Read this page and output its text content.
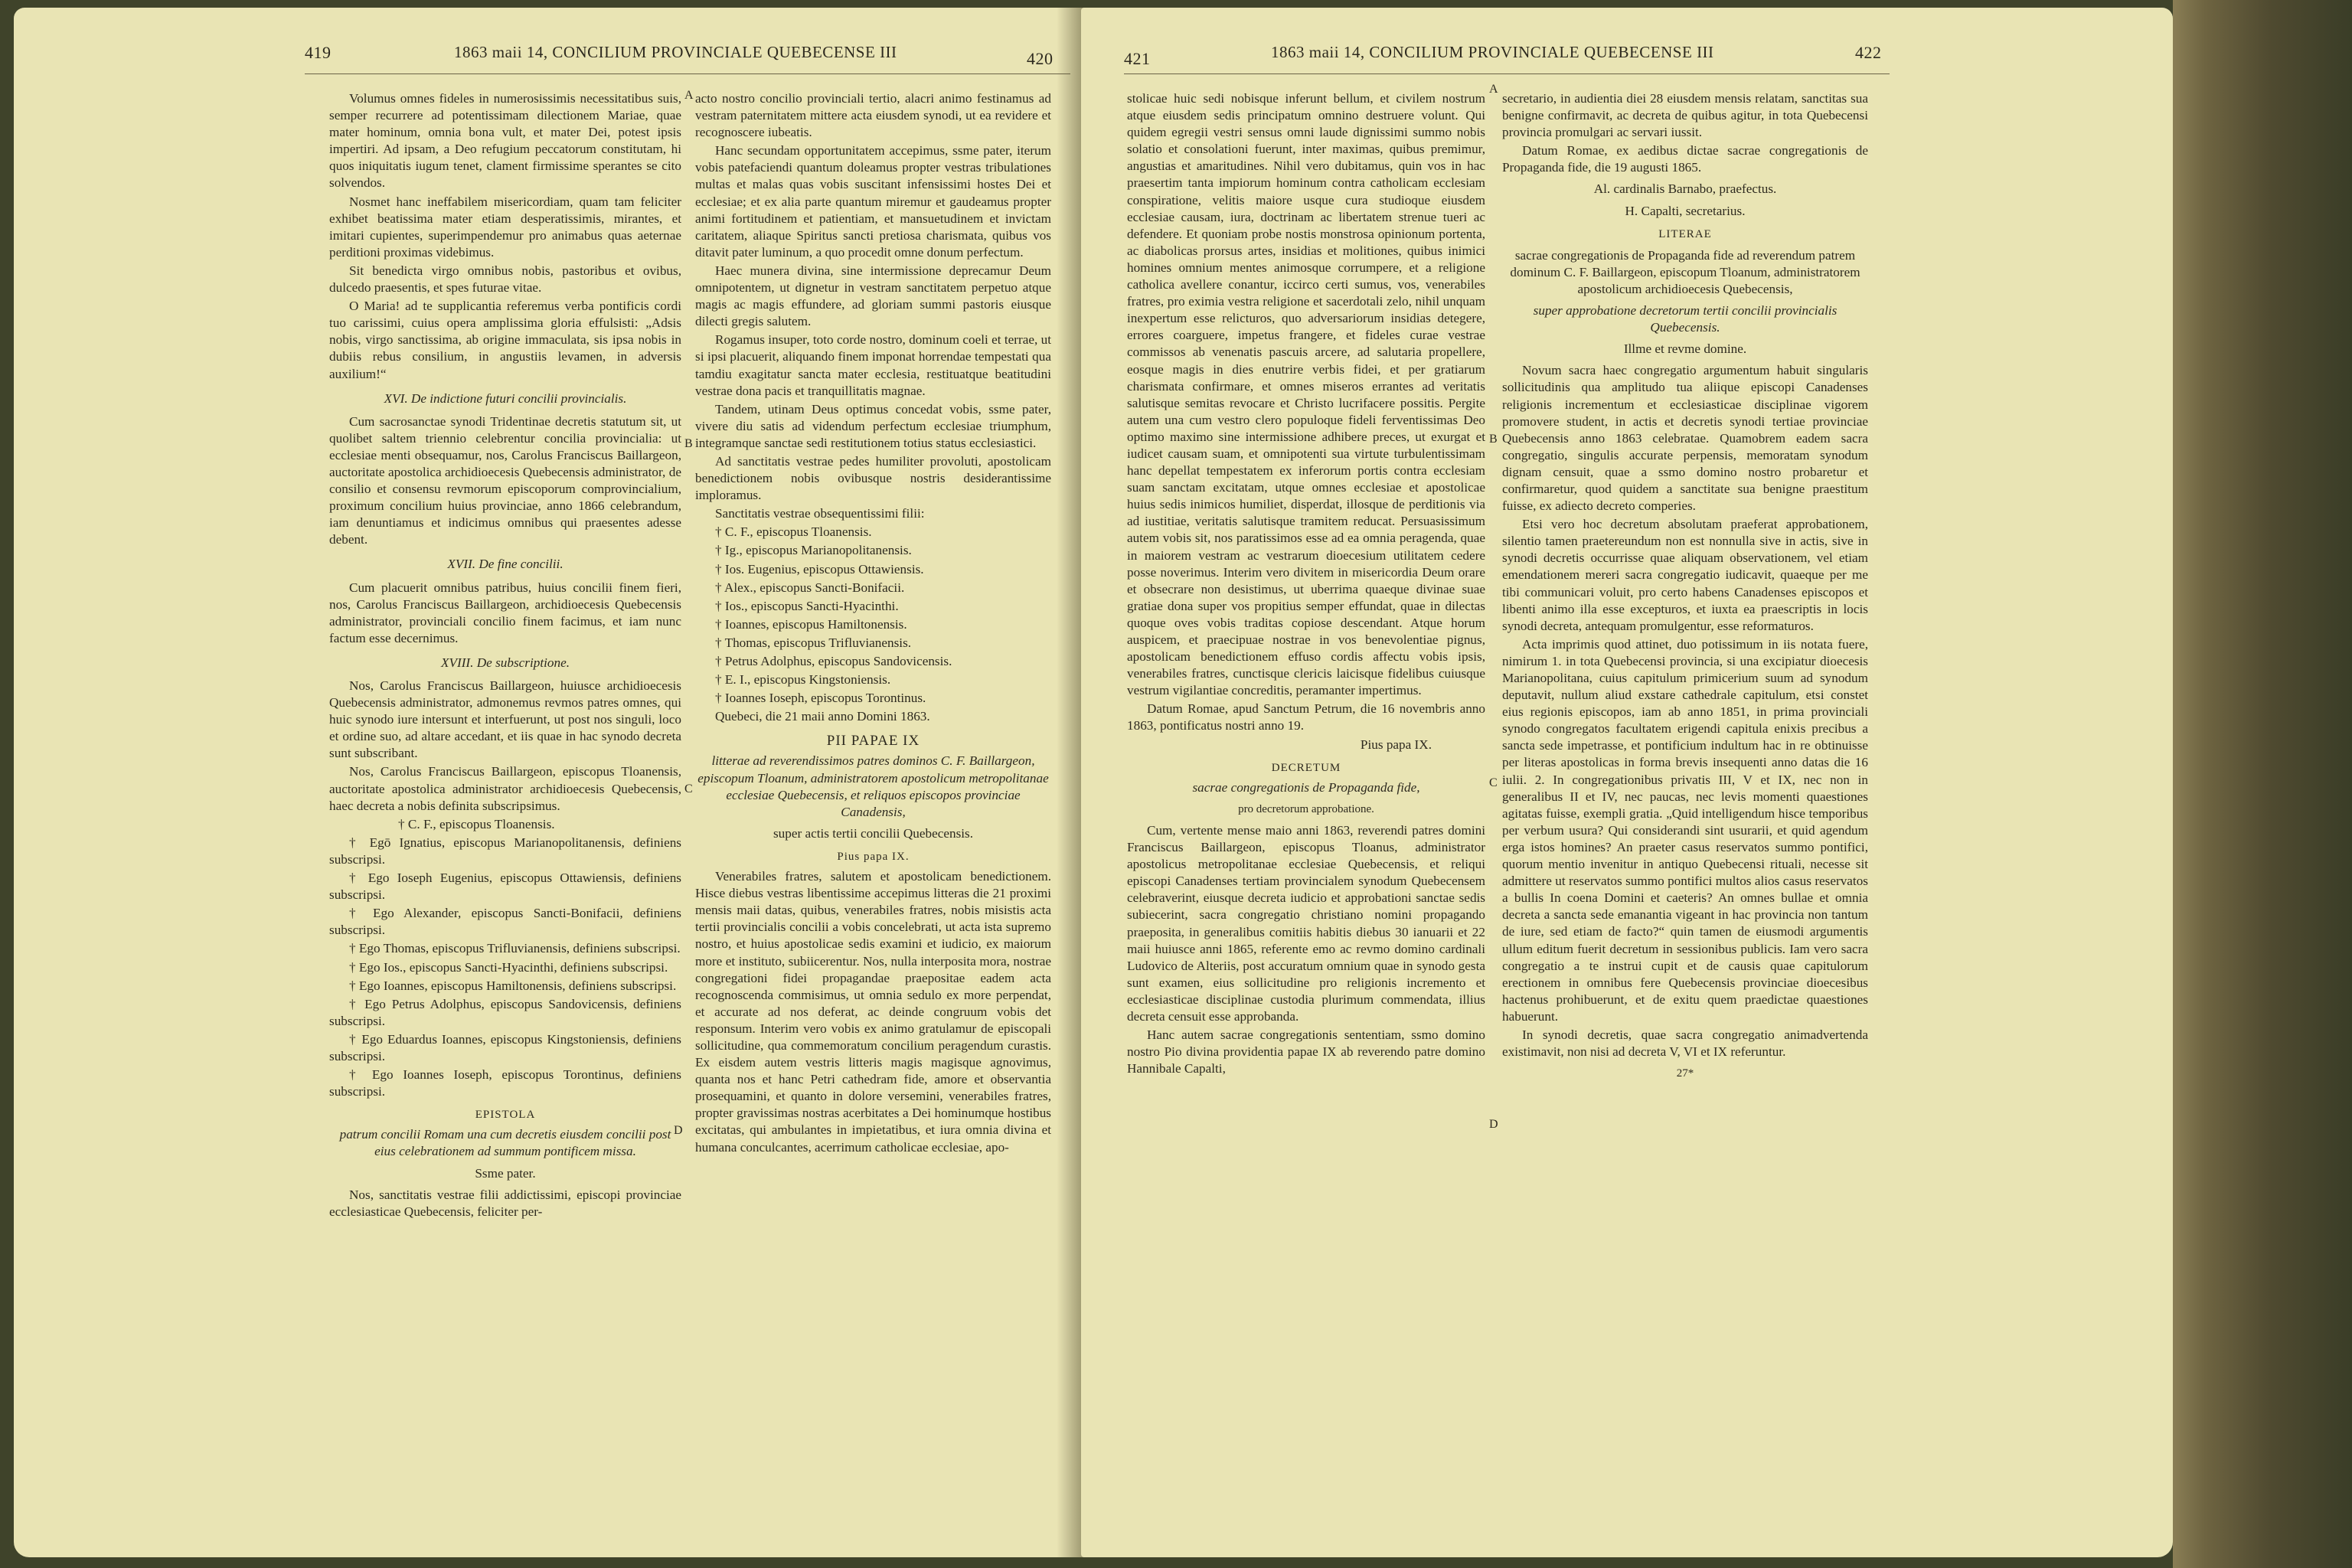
419	1863 maii 14, CONCILIUM PROVINCIALE QUEBECENSE III	420

Volumus omnes fideles in numerosissimis necessitatibus suis, semper recurrere ad potentissimam dilectionem Mariae, quae mater hominum, omnia bona vult, et mater Dei, potest ipsis impertiri. Ad ipsam, a Deo refugium peccatorum constitutam, hi quos iniquitatis iugum tenet, clament firmissime sperantes se cito solvendos.

Nosmet hanc ineffabilem misericordiam, quam tam feliciter exhibet beatissima mater etiam desperatissimis, mirantes, et imitari cupientes, superimpendemur pro animabus quas aeternae perditioni proximas videbimus.

Sit benedicta virgo omnibus nobis, pastoribus et ovibus, dulcedo praesentis, et spes futurae vitae.

O Maria! ad te supplicantia referemus verba pontificis cordi tuo carissimi, cuius opera amplissima gloria effulsisti: „Adsis nobis, virgo sanctissima, ab origine immaculata, sis ipsa nobis in dubiis rebus consilium, in angustiis levamen, in adversis auxilium!“

XVI. De indictione futuri concilii provincialis.

Cum sacrosanctae synodi Tridentinae decretis statutum sit, ut quolibet saltem triennio celebrentur concilia provincialia: ut ecclesiae menti obsequamur, nos, Carolus Franciscus Baillargeon, auctoritate apostolica archidioecesis Quebecensis administrator, de consilio et consensu revmorum episcoporum comprovincialium, proximum concilium huius provinciae, anno 1866 celebrandum, iam denuntiamus et indicimus omnibus qui praesentes adesse debent.

XVII. De fine concilii.

Cum placuerit omnibus patribus, huius concilii finem fieri, nos, Carolus Franciscus Baillargeon, archidioecesis Quebecensis administrator, provinciali concilio finem facimus, et iam nunc factum esse decernimus.

XVIII. De subscriptione.

Nos, Carolus Franciscus Baillargeon, huiusce archidioecesis Quebecensis administrator, admonemus revmos patres omnes, qui huic synodo iure intersunt et interfuerunt, ut post nos singuli, loco et ordine suo, ad altare accedant, et iis quae in hac synodo decreta sunt subscribant.

Nos, Carolus Franciscus Baillargeon, episcopus Tloanensis, auctoritate apostolica administrator archidioecesis Quebecensis, haec decreta a nobis definita subscripsimus.

† C. F., episcopus Tloanensis.

† Egō Ignatius, episcopus Marianopolitanensis, definiens subscripsi.

† Ego Ioseph Eugenius, episcopus Ottawiensis, definiens subscripsi.

† Ego Alexander, episcopus Sancti-Bonifacii, definiens subscripsi.

† Ego Thomas, episcopus Trifluvianensis, definiens subscripsi.

† Ego Ios., episcopus Sancti-Hyacinthi, definiens subscripsi.

† Ego Ioannes, episcopus Hamiltonensis, definiens subscripsi.

† Ego Petrus Adolphus, episcopus Sandovicensis, definiens subscripsi.

† Ego Eduardus Ioannes, episcopus Kingstoniensis, definiens subscripsi.

† Ego Ioannes Ioseph, episcopus Torontinus, definiens subscripsi.

EPISTOLA

patrum concilii Romam una cum decretis eiusdem concilii post eius celebrationem ad summum pontificem missa.

Ssme pater.

Nos, sanctitatis vestrae filii addictissimi, episcopi provinciae ecclesiasticae Quebecensis, feliciter per-

A
B
C
D

acto nostro concilio provinciali tertio, alacri animo festinamus ad vestram paternitatem mittere acta eiusdem synodi, ut ea revidere et recognoscere iubeatis.

Hanc secundam opportunitatem accepimus, ssme pater, iterum vobis patefaciendi quantum doleamus propter vestras tribulationes multas et malas quas vobis suscitant infensissimi hostes Dei et ecclesiae; et ex alia parte quantum miremur et gaudeamus propter animi fortitudinem et patientiam, et mansuetudinem et invictam caritatem, aliaque Spiritus sancti pretiosa charismata, quibus vos ditavit pater luminum, a quo procedit omne donum perfectum.

Haec munera divina, sine intermissione deprecamur Deum omnipotentem, ut dignetur in vestram sanctitatem perpetuo atque magis ac magis effundere, ad gloriam summi pastoris eiusque dilecti gregis salutem.

Rogamus insuper, toto corde nostro, dominum coeli et terrae, ut si ipsi placuerit, aliquando finem imponat horrendae tempestati qua tamdiu exagitatur sancta mater ecclesia, restituatque beatitudini vestrae dona pacis et tranquillitatis magnae.

Tandem, utinam Deus optimus concedat vobis, ssme pater, vivere diu satis ad videndum perfectum ecclesiae triumphum, integramque sanctae sedi restitutionem totius status ecclesiastici.

Ad sanctitatis vestrae pedes humiliter provoluti, apostolicam benedictionem nobis ovibusque nostris desiderantissime imploramus.

Sanctitatis vestrae obsequentissimi filii:

† C. F., episcopus Tloanensis.

† Ig., episcopus Marianopolitanensis.

† Ios. Eugenius, episcopus Ottawiensis.

† Alex., episcopus Sancti-Bonifacii.

† Ios., episcopus Sancti-Hyacinthi.

† Ioannes, episcopus Hamiltonensis.

† Thomas, episcopus Trifluvianensis.

† Petrus Adolphus, episcopus Sandovicensis.

† E. I., episcopus Kingstoniensis.

† Ioannes Ioseph, episcopus Torontinus.

Quebeci, die 21 maii anno Domini 1863.

PII PAPAE IX

litterae ad reverendissimos patres dominos C. F. Baillargeon, episcopum Tloanum, administratorem apostolicum metropolitanae ecclesiae Quebecensis, et reliquos episcopos provinciae Canadensis,

super actis tertii concilii Quebecensis.

Pius papa IX.

Venerabiles fratres, salutem et apostolicam benedictionem. Hisce diebus vestras libentissime accepimus litteras die 21 proximi mensis maii datas, quibus, venerabiles fratres, nobis misistis acta tertii provincialis concilii a vobis concelebrati, ut acta ista supremo nostro, et huius apostolicae sedis examini et iudicio, ex maiorum more et instituto, subiicerentur. Nos, nulla interposita mora, nostrae congregationi fidei propagandae praepositae eadem acta recognoscenda commisimus, ut omnia sedulo ex more perpendat, et accurate ad nos deferat, ac deinde congruum vobis det responsum. Interim vero vobis ex animo gratulamur de episcopali sollicitudine, qua commemoratum concilium peragendum curastis. Ex eisdem autem vestris litteris magis magisque agnovimus, quanta nos et hanc Petri cathedram fide, amore et observantia prosequamini, et quanto in dolore versemini, venerabiles fratres, propter gravissimas nostras acerbitates a Dei hominumque hostibus excitatas, qui ambulantes in impietatibus, et iura omnia divina et humana conculcantes, acerrimum catholicae ecclesiae, apo-

421	1863 maii 14, CONCILIUM PROVINCIALE QUEBECENSE III	422

stolicae huic sedi nobisque inferunt bellum, et civilem nostrum atque eiusdem sedis principatum omnino destruere volunt. Qui quidem egregii vestri sensus omni laude dignissimi summo nobis solatio et consolationi fuerunt, inter maximas, quibus premimur, angustias et amaritudines. Nihil vero dubitamus, quin vos in hac praesertim tanta impiorum hominum contra catholicam ecclesiam conspiratione, velitis maiore usque cura studioque eiusdem ecclesiae causam, iura, doctrinam ac libertatem strenue tueri ac defendere. Et quoniam probe nostis monstrosa opinionum portenta, ac diabolicas prorsus artes, insidias et molitiones, quibus inimici homines omnium mentes animosque corrumpere, et a religione catholica avellere conantur, iccirco certi sumus, vos, venerabiles fratres, pro eximia vestra religione et sacerdotali zelo, nihil unquam inexpertum esse relicturos, quo adversariorum insidias detegere, errores coarguere, impetus frangere, et fideles curae vestrae commissos ab venenatis pascuis arcere, ad salutaria propellere, eosque magis in dies enutrire verbis fidei, et per gratiarum charismata confirmare, et omnes miseros errantes ad veritatis salutisque semitas revocare et Christo lucrifacere possitis. Pergite autem una cum vestro clero populoque fideli ferventissimas Deo optimo maximo sine intermissione adhibere preces, ut exurgat et iudicet causam suam, et omnipotenti sua virtute turbulentissimam hanc depellat tempestatem ex inferorum portis contra ecclesiam suam sanctam excitatam, utque omnes ecclesiae et apostolicae huius sedis inimicos humiliet, disperdat, illosque de perditionis via ad iustitiae, veritatis salutisque tramitem reducat. Persuasissimum autem vobis sit, nos paratissimos esse ad ea omnia peragenda, quae in maiorem vestram ac vestrarum dioecesium utilitatem cedere posse noverimus. Interim vero divitem in misericordia Deum orare et obsecrare non desistimus, ut uberrima quaeque divinae suae gratiae dona super vos propitius semper effundat, quae in dilectas quoque oves vobis traditas copiose descendant. Atque horum auspicem, et praecipuae nostrae in vos benevolentiae pignus, apostolicam benedictionem effuso cordis affectu vobis ipsis, venerabiles fratres, cunctisque clericis laicisque fidelibus cuiusque vestrum vigilantiae concreditis, peramanter impertimus.

Datum Romae, apud Sanctum Petrum, die 16 novembris anno 1863, pontificatus nostri anno 19.

Pius papa IX.

DECRETUM

sacrae congregationis de Propaganda fide,

pro decretorum approbatione.

Cum, vertente mense maio anni 1863, reverendi patres domini Franciscus Baillargeon, episcopus Tloanus, administrator apostolicus metropolitanae ecclesiae Quebecensis, et reliqui episcopi Canadenses tertiam provincialem synodum Quebecensem celebraverint, eiusque decreta iudicio et approbationi sanctae sedis subiecerint, sacra congregatio christiano nomini propagando praeposita, in generalibus comitiis habitis diebus 30 ianuarii et 22 maii huiusce anni 1865, referente emo ac revmo domino cardinali Ludovico de Alteriis, post accuratum omnium quae in synodo gesta sunt examen, eius sollicitudine pro religionis incremento et ecclesiasticae disciplinae custodia plurimum commendata, illius decreta censuit esse approbanda.

Hanc autem sacrae congregationis sententiam, ssmo domino nostro Pio divina providentia papae IX ab reverendo patre domino Hannibale Capalti,

A
B
C
D

secretario, in audientia diei 28 eiusdem mensis relatam, sanctitas sua benigne confirmavit, ac decreta de quibus agitur, in tota Quebecensi provincia promulgari ac servari iussit.

Datum Romae, ex aedibus dictae sacrae congregationis de Propaganda fide, die 19 augusti 1865.

Al. cardinalis Barnabo, praefectus.

H. Capalti, secretarius.

LITERAE

sacrae congregationis de Propaganda fide ad reverendum patrem dominum C. F. Baillargeon, episcopum Tloanum, administratorem apostolicum archidioecesis Quebecensis,

super approbatione decretorum tertii concilii provincialis Quebecensis.

Illme et revme domine.

Novum sacra haec congregatio argumentum habuit singularis sollicitudinis qua amplitudo tua aliique episcopi Canadenses religionis incrementum et ecclesiasticae disciplinae vigorem promovere student, in actis et decretis synodi tertiae provinciae Quebecensis anno 1863 celebratae. Quamobrem eadem sacra congregatio, singulis accurate perpensis, memoratam synodum dignam censuit, quae a ssmo domino nostro probaretur et confirmaretur, quod quidem a sanctitate sua benigne praestitum fuisse, ex adiecto decreto comperies.

Etsi vero hoc decretum absolutam praeferat approbationem, silentio tamen praetereundum non est nonnulla sive in actis, sive in synodi decretis occurrisse quae aliquam observationem, vel etiam emendationem mereri sacra congregatio iudicavit, quaeque per me tibi communicari voluit, pro certo habens Canadenses episcopos et libenti animo illa esse excepturos, et iuxta ea praescriptis in locis synodi decreta, antequam promulgentur, esse reformaturos.

Acta imprimis quod attinet, duo potissimum in iis notata fuere, nimirum 1. in tota Quebecensi provincia, si una excipiatur dioecesis Marianopolitana, cuius capitulum primicerium suum ad synodum deputavit, nullum aliud exstare cathedrale capitulum, etsi constet eius regionis episcopos, iam ab anno 1851, in prima provinciali synodo congregatos facultatem erigendi capitula enixis precibus a sancta sede impetrasse, et pontificium indultum hac in re obtinuisse per literas apostolicas in forma brevis insequenti anno datas die 16 iulii. 2. In congregationibus privatis III, V et IX, nec non in generalibus II et IV, nec paucas, nec levis momenti quaestiones agitatas fuisse, exempli gratia. „Quid intelligendum hisce temporibus per verbum usura? Qui considerandi sint usurarii, et quid agendum erga istos homines? An praeter casus reservatos summo pontifici, quorum mentio invenitur in antiquo Quebecensi rituali, necesse sit admittere ut reservatos summo pontifici multos alios casus reservatos a bullis In coena Domini et caeteris? An omnes bullae et omnia decreta a sancta sede emanantia vigeant in hac provincia non tantum de iure, sed etiam de facto?“ quin tamen de eiusmodi argumentis ullum editum fuerit decretum in sessionibus publicis. Iam vero sacra congregatio a te instrui cupit et de causis quae capitulorum erectionem in omnibus fere Quebecensis provinciae dioecesibus hactenus prohibuerunt, et de exitu quem praedictae quaestiones habuerunt.

In synodi decretis, quae sacra congregatio animadvertenda existimavit, non nisi ad decreta V, VI et IX referuntur.

27*
